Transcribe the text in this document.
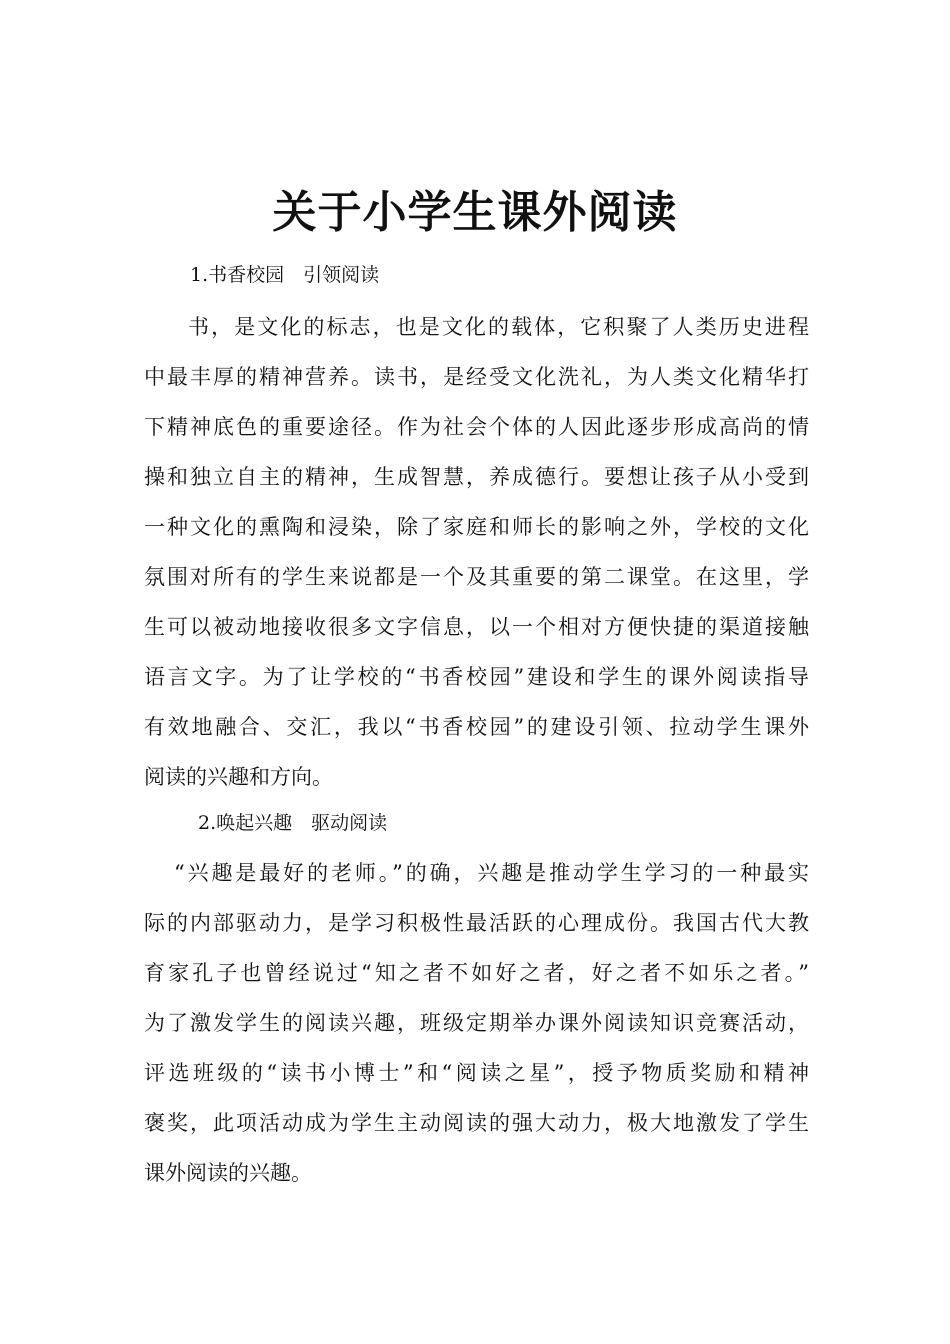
关于小学生课外阅读

1.书香校园　引领阅读

书，是文化的标志，也是文化的载体，它积聚了人类历史进程
中最丰厚的精神营养。读书，是经受文化洗礼，为人类文化精华打
下精神底色的重要途径。作为社会个体的人因此逐步形成高尚的情
操和独立自主的精神，生成智慧，养成德行。要想让孩子从小受到
一种文化的熏陶和浸染，除了家庭和师长的影响之外，学校的文化
氛围对所有的学生来说都是一个及其重要的第二课堂。在这里，学
生可以被动地接收很多文字信息，以一个相对方便快捷的渠道接触
语言文字。为了让学校的“书香校园”建设和学生的课外阅读指导
有效地融合、交汇，我以“书香校园”的建设引领、拉动学生课外
阅读的兴趣和方向。

2.唤起兴趣　驱动阅读

“兴趣是最好的老师。”的确，兴趣是推动学生学习的一种最实
际的内部驱动力，是学习积极性最活跃的心理成份。我国古代大教
育家孔子也曾经说过“知之者不如好之者，好之者不如乐之者。”
为了激发学生的阅读兴趣，班级定期举办课外阅读知识竞赛活动，
评选班级的“读书小博士”和“阅读之星”，授予物质奖励和精神
褒奖，此项活动成为学生主动阅读的强大动力，极大地激发了学生
课外阅读的兴趣。
